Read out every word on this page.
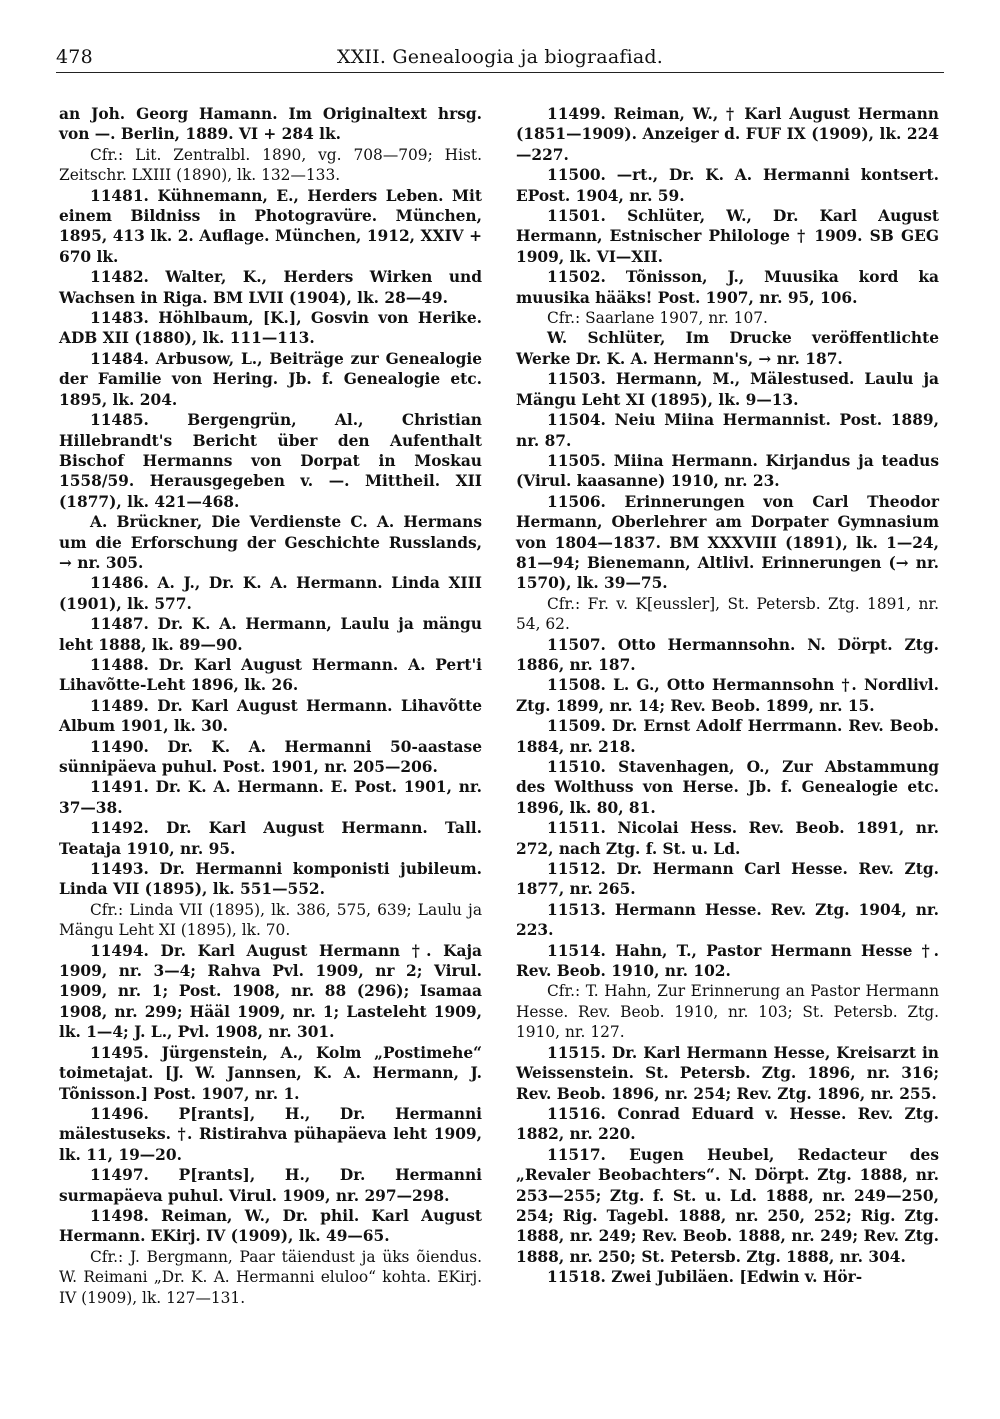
478	XXII. Genealoogia ja biograafiad.
an Joh. Georg Hamann. Im Originaltext hrsg. von —. Berlin, 1889. VI + 284 lk.
Cfr.: Lit. Zentralbl. 1890, vg. 708—709; Hist. Zeitschr. LXIII (1890), lk. 132—133.
11481. Kühnemann, E., Herders Leben. Mit einem Bildniss in Photogravüre. München, 1895, 413 lk. 2. Auflage. München, 1912, XXIV + 670 lk.
11482. Walter, K., Herders Wirken und Wachsen in Riga. BM LVII (1904), lk. 28—49.
11483. Höhlbaum, [K.], Gosvin von Herike. ADB XII (1880), lk. 111—113.
11484. Arbusow, L., Beiträge zur Genealogie der Familie von Hering. Jb. f. Genealogie etc. 1895, lk. 204.
11485. Bergengrün, Al., Christian Hillebrandt's Bericht über den Aufenthalt Bischof Hermanns von Dorpat in Moskau 1558/59. Herausgegeben v. —. Mittheil. XII (1877), lk. 421—468.
A. Brückner, Die Verdienste C. A. Hermans um die Erforschung der Geschichte Russlands, → nr. 305.
11486. A. J., Dr. K. A. Hermann. Linda XIII (1901), lk. 577.
11487. Dr. K. A. Hermann, Laulu ja mängu leht 1888, lk. 89—90.
11488. Dr. Karl August Hermann. A. Pert'i Lihavõtte-Leht 1896, lk. 26.
11489. Dr. Karl August Hermann. Lihavõtte Album 1901, lk. 30.
11490. Dr. K. A. Hermanni 50-aastase sünnipäeva puhul. Post. 1901, nr. 205—206.
11491. Dr. K. A. Hermann. E. Post. 1901, nr. 37—38.
11492. Dr. Karl August Hermann. Tall. Teataja 1910, nr. 95.
11493. Dr. Hermanni komponisti jubileum. Linda VII (1895), lk. 551—552.
Cfr.: Linda VII (1895), lk. 386, 575, 639; Laulu ja Mängu Leht XI (1895), lk. 70.
11494. Dr. Karl August Hermann †. Kaja 1909, nr. 3—4; Rahva Pvl. 1909, nr 2; Virul. 1909, nr. 1; Post. 1908, nr. 88 (296); Isamaa 1908, nr. 299; Hääl 1909, nr. 1; Lasteleht 1909, lk. 1—4; J. L., Pvl. 1908, nr. 301.
11495. Jürgenstein, A., Kolm „Postimehe“ toimetajat. [J. W. Jannsen, K. A. Hermann, J. Tõnisson.] Post. 1907, nr. 1.
11496. P[rants], H., Dr. Hermanni mälestuseks. †. Ristirahva pühapäeva leht 1909, lk. 11, 19—20.
11497. P[rants], H., Dr. Hermanni surmapäeva puhul. Virul. 1909, nr. 297—298.
11498. Reiman, W., Dr. phil. Karl August Hermann. EKirj. IV (1909), lk. 49—65.
Cfr.: J. Bergmann, Paar täiendust ja üks õiendus. W. Reimani „Dr. K. A. Hermanni eluloo“ kohta. EKirj. IV (1909), lk. 127—131.
11499. Reiman, W., † Karl August Hermann (1851—1909). Anzeiger d. FUF IX (1909), lk. 224—227.
11500. —rt., Dr. K. A. Hermanni kontsert. EPost. 1904, nr. 59.
11501. Schlüter, W., Dr. Karl August Hermann, Estnischer Philologe † 1909. SB GEG 1909, lk. VI—XII.
11502. Tõnisson, J., Muusika kord ka muusika hääks! Post. 1907, nr. 95, 106.
Cfr.: Saarlane 1907, nr. 107.
W. Schlüter, Im Drucke veröffentlichte Werke Dr. K. A. Hermann's, → nr. 187.
11503. Hermann, M., Mälestused. Laulu ja Mängu Leht XI (1895), lk. 9—13.
11504. Neiu Miina Hermannist. Post. 1889, nr. 87.
11505. Miina Hermann. Kirjandus ja teadus (Virul. kaasanne) 1910, nr. 23.
11506. Erinnerungen von Carl Theodor Hermann, Oberlehrer am Dorpater Gymnasium von 1804—1837. BM XXXVIII (1891), lk. 1—24, 81—94; Bienemann, Altlivl. Erinnerungen (→ nr. 1570), lk. 39—75.
Cfr.: Fr. v. K[eussler], St. Petersb. Ztg. 1891, nr. 54, 62.
11507. Otto Hermannsohn. N. Dörpt. Ztg. 1886, nr. 187.
11508. L. G., Otto Hermannsohn †. Nordlivl. Ztg. 1899, nr. 14; Rev. Beob. 1899, nr. 15.
11509. Dr. Ernst Adolf Herrmann. Rev. Beob. 1884, nr. 218.
11510. Stavenhagen, O., Zur Abstammung des Wolthuss von Herse. Jb. f. Genealogie etc. 1896, lk. 80, 81.
11511. Nicolai Hess. Rev. Beob. 1891, nr. 272, nach Ztg. f. St. u. Ld.
11512. Dr. Hermann Carl Hesse. Rev. Ztg. 1877, nr. 265.
11513. Hermann Hesse. Rev. Ztg. 1904, nr. 223.
11514. Hahn, T., Pastor Hermann Hesse †. Rev. Beob. 1910, nr. 102.
Cfr.: T. Hahn, Zur Erinnerung an Pastor Hermann Hesse. Rev. Beob. 1910, nr. 103; St. Petersb. Ztg. 1910, nr. 127.
11515. Dr. Karl Hermann Hesse, Kreisarzt in Weissenstein. St. Petersb. Ztg. 1896, nr. 316; Rev. Beob. 1896, nr. 254; Rev. Ztg. 1896, nr. 255.
11516. Conrad Eduard v. Hesse. Rev. Ztg. 1882, nr. 220.
11517. Eugen Heubel, Redacteur des „Revaler Beobachters“. N. Dörpt. Ztg. 1888, nr. 253—255; Ztg. f. St. u. Ld. 1888, nr. 249—250, 254; Rig. Tagebl. 1888, nr. 250, 252; Rig. Ztg. 1888, nr. 249; Rev. Beob. 1888, nr. 249; Rev. Ztg. 1888, nr. 250; St. Petersb. Ztg. 1888, nr. 304.
11518. Zwei Jubiläen. [Edwin v. Hör-
